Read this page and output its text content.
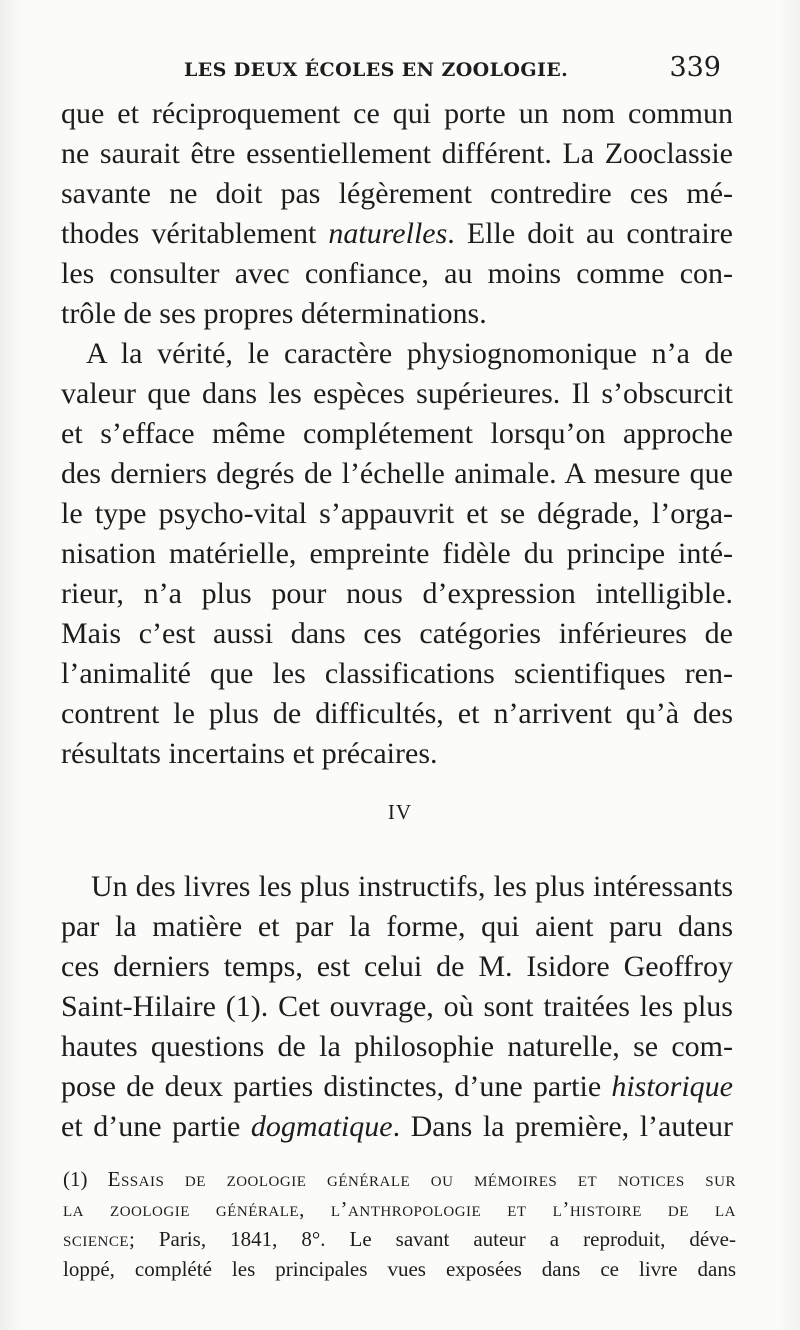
LES DEUX ÉCOLES EN ZOOLOGIE.	339
que et réciproquement ce qui porte un nom commun
ne saurait être essentiellement différent. La Zooclassie
savante ne doit pas légèrement contredire ces mé-
thodes véritablement naturelles. Elle doit au contraire
les consulter avec confiance, au moins comme con-
trôle de ses propres déterminations.
A la vérité, le caractère physiognomonique n’a de
valeur que dans les espèces supérieures. Il s’obscurcit
et s’efface même complétement lorsqu’on approche
des derniers degrés de l’échelle animale. A mesure que
le type psycho-vital s’appauvrit et se dégrade, l’orga-
nisation matérielle, empreinte fidèle du principe inté-
rieur, n’a plus pour nous d’expression intelligible.
Mais c’est aussi dans ces catégories inférieures de
l’animalité que les classifications scientifiques ren-
contrent le plus de difficultés, et n’arrivent qu’à des
résultats incertains et précaires.
IV
Un des livres les plus instructifs, les plus intéressants
par la matière et par la forme, qui aient paru dans
ces derniers temps, est celui de M. Isidore Geoffroy
Saint-Hilaire (1). Cet ouvrage, où sont traitées les plus
hautes questions de la philosophie naturelle, se com-
pose de deux parties distinctes, d’une partie historique
et d’une partie dogmatique. Dans la première, l’auteur
(1) Essais de zoologie générale ou mémoires et notices sur
la zoologie générale, l’anthropologie et l’histoire de la
science; Paris, 1841, 8°. Le savant auteur a reproduit, déve-
loppé, complété les principales vues exposées dans ce livre dans
